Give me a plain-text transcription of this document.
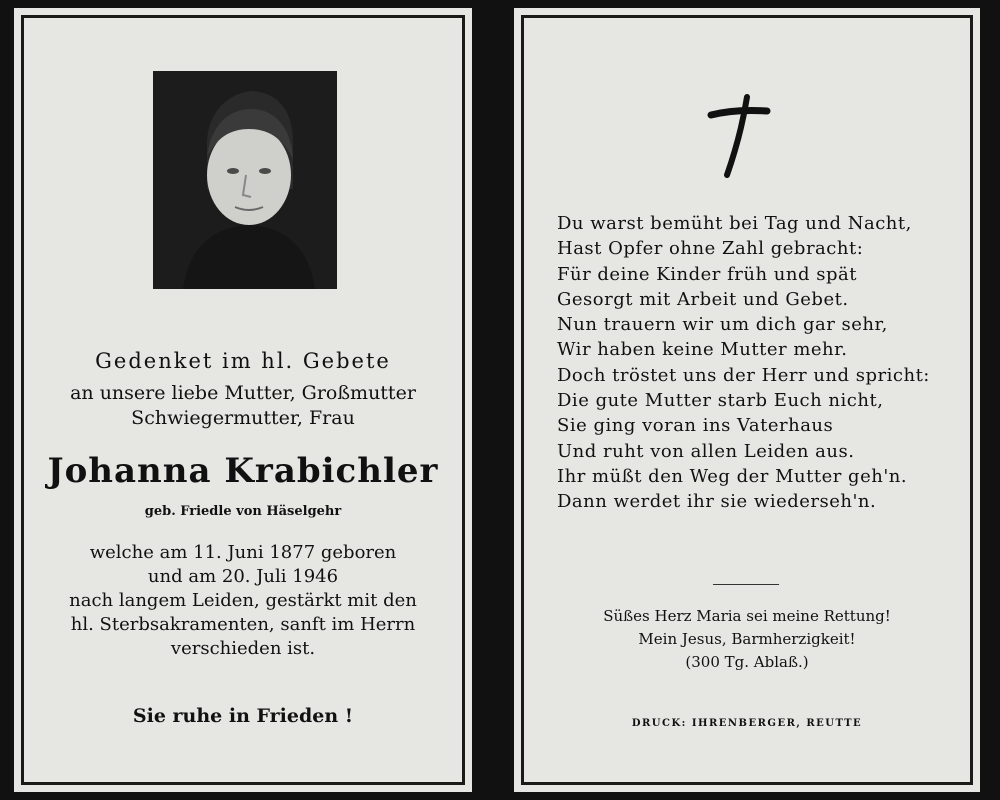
Gedenket im hl. Gebete
an unsere liebe Mutter, Großmutter
Schwiegermutter, Frau
Johanna Krabichler
geb. Friedle von Häselgehr
welche am 11. Juni 1877 geboren
und am 20. Juli 1946
nach langem Leiden, gestärkt mit den
hl. Sterbsakramenten, sanft im Herrn
verschieden ist.
Sie ruhe in Frieden !
Du warst bemüht bei Tag und Nacht,
Hast Opfer ohne Zahl gebracht:
Für deine Kinder früh und spät
Gesorgt mit Arbeit und Gebet.
Nun trauern wir um dich gar sehr,
Wir haben keine Mutter mehr.
Doch tröstet uns der Herr und spricht:
Die gute Mutter starb Euch nicht,
Sie ging voran ins Vaterhaus
Und ruht von allen Leiden aus.
Ihr müßt den Weg der Mutter geh'n.
Dann werdet ihr sie wiederseh'n.
Süßes Herz Maria sei meine Rettung!
Mein Jesus, Barmherzigkeit!
(300 Tg. Ablaß.)
DRUCK: IHRENBERGER, REUTTE
